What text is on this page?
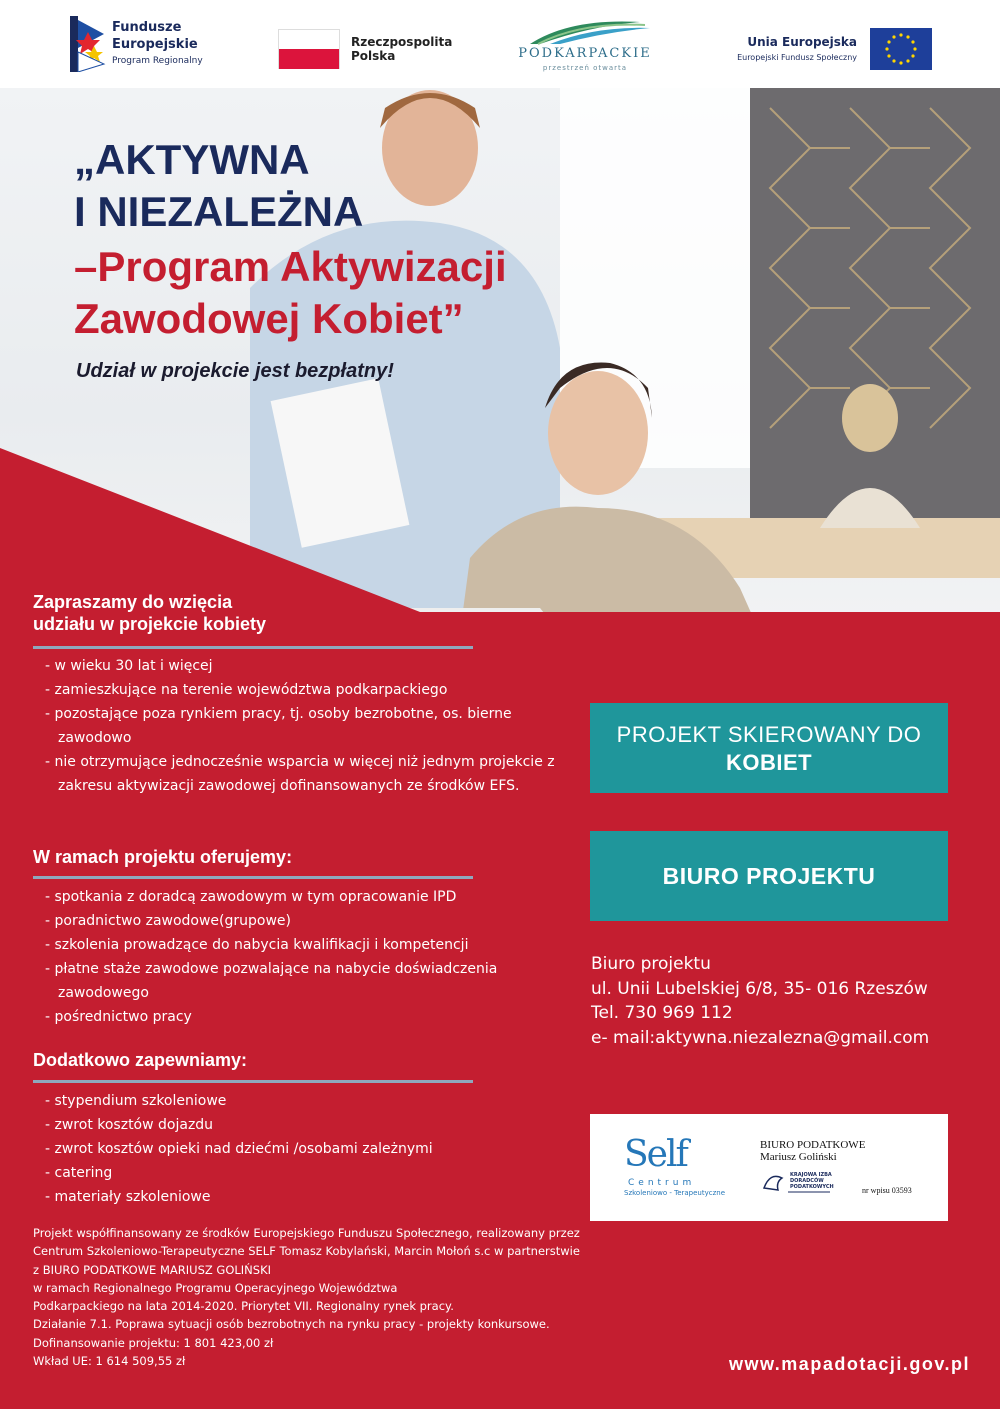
Fundusze
Europejskie
Program Regionalny
Rzeczpospolita
Polska	PODKARPACKIE
przestrzeń otwarta
Unia Europejska
Europejski Fundusz Społeczny
„AKTYWNA
I NIEZALEŻNA
–Program Aktywizacji
Zawodowej Kobiet”
Udział w projekcie jest bezpłatny!
Zapraszamy do wzięcia
udziału w projekcie kobiety
- w wieku 30 lat i więcej
- zamieszkujące na terenie województwa podkarpackiego
- pozostające poza rynkiem pracy, tj. osoby bezrobotne, os. bierne zawodowo
- nie otrzymujące jednocześnie wsparcia w więcej niż jednym projekcie z zakresu aktywizacji zawodowej dofinansowanych ze środków EFS.
W ramach projektu oferujemy:
- spotkania z doradcą zawodowym w tym opracowanie IPD
- poradnictwo zawodowe(grupowe)
- szkolenia prowadzące do nabycia kwalifikacji i kompetencji
- płatne staże zawodowe pozwalające na nabycie doświadczenia zawodowego
- pośrednictwo pracy
Dodatkowo zapewniamy:
- stypendium szkoleniowe
- zwrot kosztów dojazdu
- zwrot kosztów opieki nad dziećmi /osobami zależnymi
- catering
- materiały szkoleniowe
PROJEKT SKIEROWANY DO
KOBIET
BIURO PROJEKTU
Biuro projektu
ul. Unii Lubelskiej 6/8, 35- 016 Rzeszów
Tel. 730 969 112
e- mail:aktywna.niezalezna@gmail.com
Self
Centrum
Szkoleniowo - Terapeutyczne
BIURO PODATKOWE
Mariusz Goliński
KRAJOWA IZBA DORADCÓW PODATKOWYCH	nr wpisu 03593
Projekt współfinansowany ze środków Europejskiego Funduszu Społecznego, realizowany przez
Centrum Szkoleniowo-Terapeutyczne SELF Tomasz Kobylański, Marcin Mołoń s.c w partnerstwie
z BIURO PODATKOWE MARIUSZ GOLIŃSKI
w ramach Regionalnego Programu Operacyjnego Województwa
Podkarpackiego na lata 2014-2020. Priorytet VII. Regionalny rynek pracy.
Działanie 7.1. Poprawa sytuacji osób bezrobotnych na rynku pracy - projekty konkursowe.
Dofinansowanie projektu: 1 801 423,00 zł
Wkład UE: 1 614 509,55 zł	www.mapadotacji.gov.pl
